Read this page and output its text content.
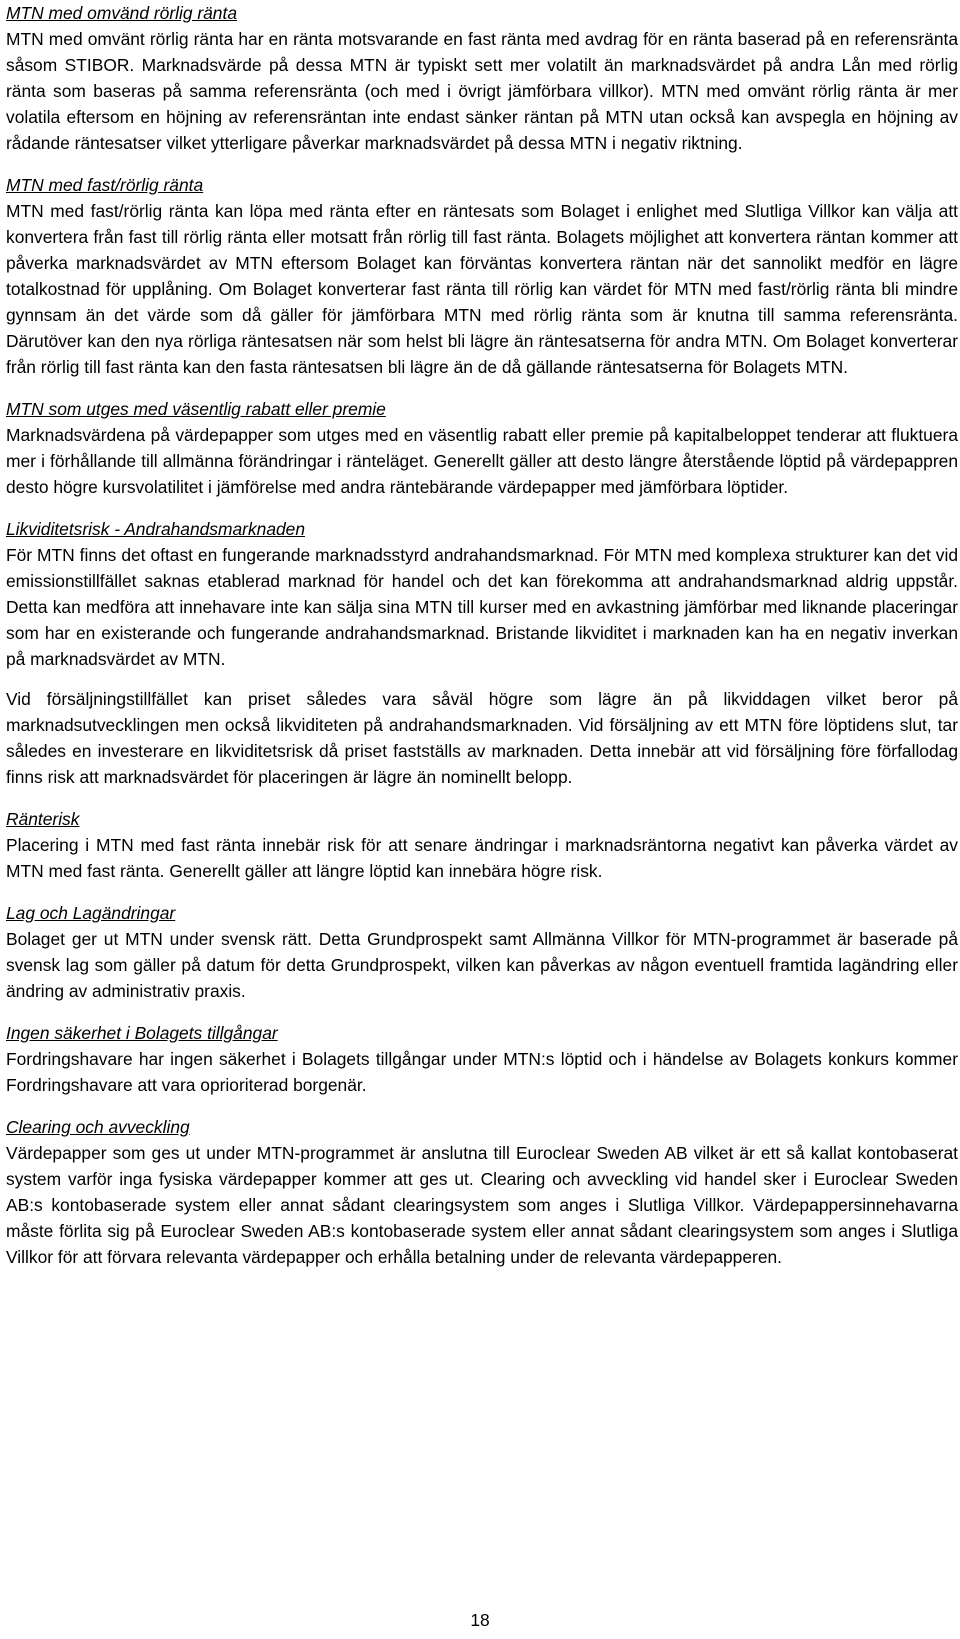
MTN med omvänd rörlig ränta

MTN med omvänt rörlig ränta har en ränta motsvarande en fast ränta med avdrag för en ränta baserad på en referensränta såsom STIBOR. Marknadsvärde på dessa MTN är typiskt sett mer volatilt än marknadsvärdet på andra Lån med rörlig ränta som baseras på samma referensränta (och med i övrigt jämförbara villkor). MTN med omvänt rörlig ränta är mer volatila eftersom en höjning av referensräntan inte endast sänker räntan på MTN utan också kan avspegla en höjning av rådande räntesatser vilket ytterligare påverkar marknadsvärdet på dessa MTN i negativ riktning.

MTN med fast/rörlig ränta

MTN med fast/rörlig ränta kan löpa med ränta efter en räntesats som Bolaget i enlighet med Slutliga Villkor kan välja att konvertera från fast till rörlig ränta eller motsatt från rörlig till fast ränta. Bolagets möjlighet att konvertera räntan kommer att påverka marknadsvärdet av MTN eftersom Bolaget kan förväntas konvertera räntan när det sannolikt medför en lägre totalkostnad för upplåning. Om Bolaget konverterar fast ränta till rörlig kan värdet för MTN med fast/rörlig ränta bli mindre gynnsam än det värde som då gäller för jämförbara MTN med rörlig ränta som är knutna till samma referensränta. Därutöver kan den nya rörliga räntesatsen när som helst bli lägre än räntesatserna för andra MTN. Om Bolaget konverterar från rörlig till fast ränta kan den fasta räntesatsen bli lägre än de då gällande räntesatserna för Bolagets MTN.

MTN som utges med väsentlig rabatt eller premie

Marknadsvärdena på värdepapper som utges med en väsentlig rabatt eller premie på kapitalbeloppet tenderar att fluktuera mer i förhållande till allmänna förändringar i ränteläget. Generellt gäller att desto längre återstående löptid på värdepappren desto högre kursvolatilitet i jämförelse med andra räntebärande värdepapper med jämförbara löptider.

Likviditetsrisk - Andrahandsmarknaden

För MTN finns det oftast en fungerande marknadsstyrd andrahandsmarknad. För MTN med komplexa strukturer kan det vid emissionstillfället saknas etablerad marknad för handel och det kan förekomma att andrahandsmarknad aldrig uppstår. Detta kan medföra att innehavare inte kan sälja sina MTN till kurser med en avkastning jämförbar med liknande placeringar som har en existerande och fungerande andrahandsmarknad. Bristande likviditet i marknaden kan ha en negativ inverkan på marknadsvärdet av MTN.

Vid försäljningstillfället kan priset således vara såväl högre som lägre än på likviddagen vilket beror på marknadsutvecklingen men också likviditeten på andrahandsmarknaden. Vid försäljning av ett MTN före löptidens slut, tar således en investerare en likviditetsrisk då priset fastställs av marknaden. Detta innebär att vid försäljning före förfallodag finns risk att marknadsvärdet för placeringen är lägre än nominellt belopp.

Ränterisk

Placering i MTN med fast ränta innebär risk för att senare ändringar i marknadsräntorna negativt kan påverka värdet av MTN med fast ränta. Generellt gäller att längre löptid kan innebära högre risk.

Lag och Lagändringar

Bolaget ger ut MTN under svensk rätt. Detta Grundprospekt samt Allmänna Villkor för MTN-programmet är baserade på svensk lag som gäller på datum för detta Grundprospekt, vilken kan påverkas av någon eventuell framtida lagändring eller ändring av administrativ praxis.

Ingen säkerhet i Bolagets tillgångar

Fordringshavare har ingen säkerhet i Bolagets tillgångar under MTN:s löptid och i händelse av Bolagets konkurs kommer Fordringshavare att vara oprioriterad borgenär.

Clearing och avveckling

Värdepapper som ges ut under MTN-programmet är anslutna till Euroclear Sweden AB vilket är ett så kallat kontobaserat system varför inga fysiska värdepapper kommer att ges ut. Clearing och avveckling vid handel sker i Euroclear Sweden AB:s kontobaserade system eller annat sådant clearingsystem som anges i Slutliga Villkor. Värdepappersinnehavarna måste förlita sig på Euroclear Sweden AB:s kontobaserade system eller annat sådant clearingsystem som anges i Slutliga Villkor för att förvara relevanta värdepapper och erhålla betalning under de relevanta värdepapperen.

18
